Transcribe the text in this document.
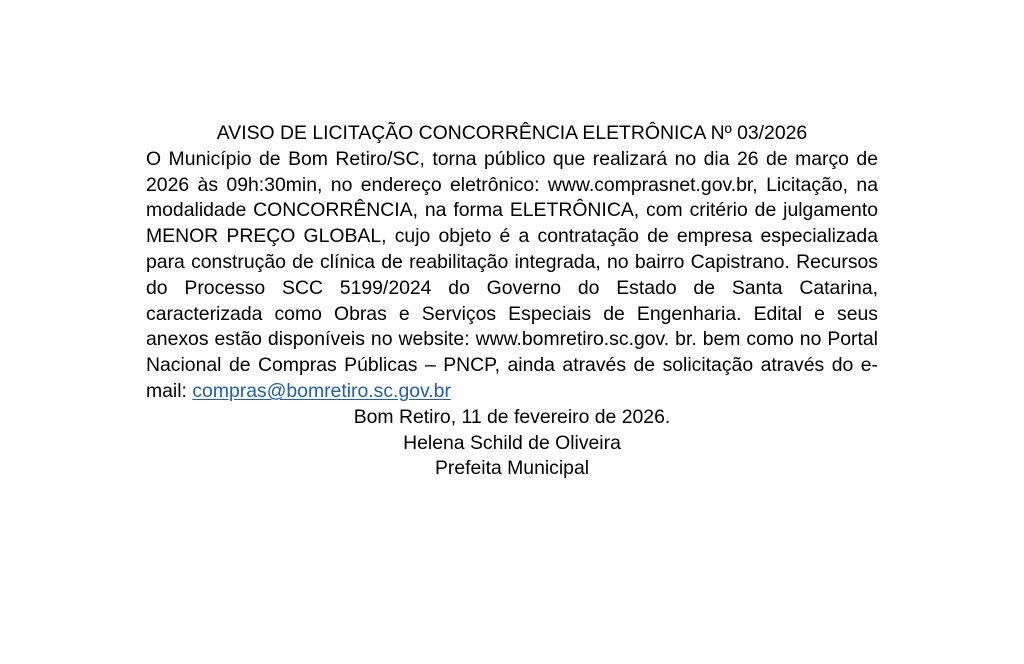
AVISO DE LICITAÇÃO CONCORRÊNCIA ELETRÔNICA Nº 03/2026
O Município de Bom Retiro/SC, torna público que realizará no dia 26 de março de 2026 às 09h:30min, no endereço eletrônico: www.comprasnet.gov.br, Licitação, na modalidade CONCORRÊNCIA, na forma ELETRÔNICA, com critério de julgamento MENOR PREÇO GLOBAL, cujo objeto é a contratação de empresa especializada para construção de clínica de reabilitação integrada, no bairro Capistrano. Recursos do Processo SCC 5199/2024 do Governo do Estado de Santa Catarina, caracterizada como Obras e Serviços Especiais de Engenharia. Edital e seus anexos estão disponíveis no website: www.bomretiro.sc.gov. br. bem como no Portal Nacional de Compras Públicas – PNCP, ainda através de solicitação através do e-mail: compras@bomretiro.sc.gov.br
Bom Retiro, 11 de fevereiro de 2026.
Helena Schild de Oliveira
Prefeita Municipal
